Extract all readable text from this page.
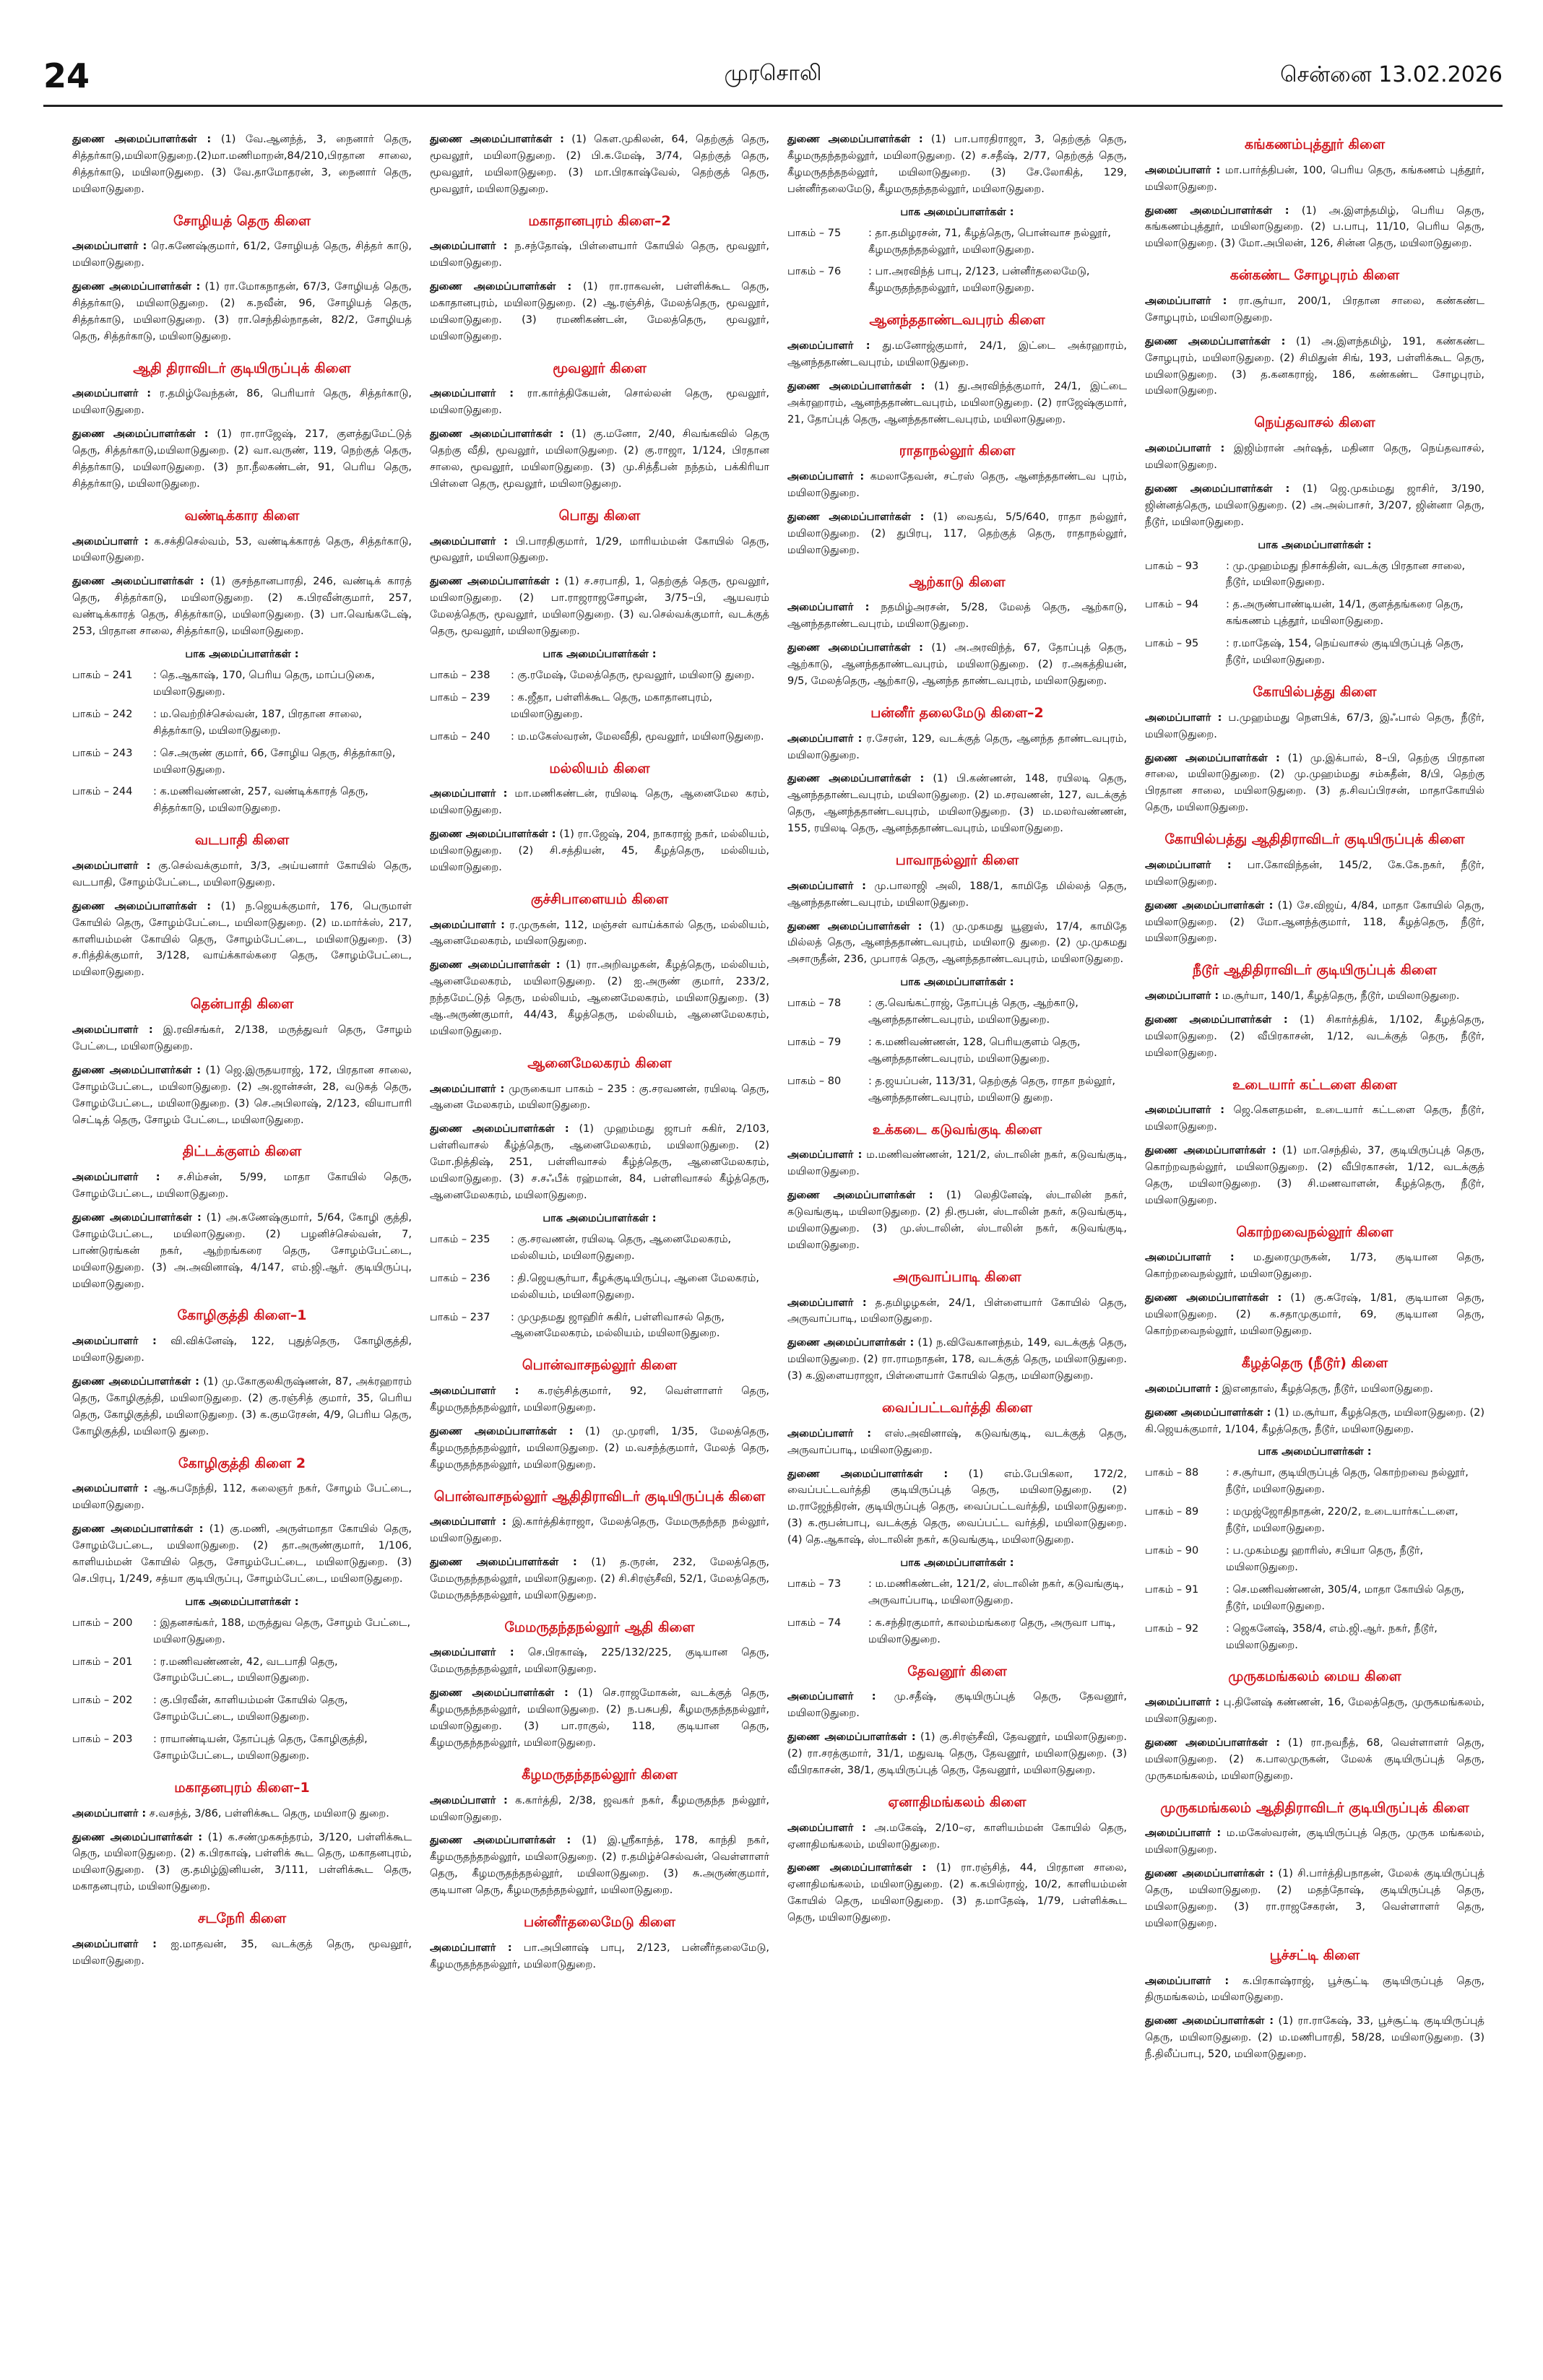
24	முரசொலி	சென்னை 13.02.2026

துணை அமைப்பாளர்கள் : (1) வே.ஆனந்த், 3, நைனார் தெரு, சித்தர்காடு,மயிலாடுதுறை.(2)மா.மணிமாறன்,84/210,பிரதான சாலை, சித்தர்காடு, மயிலாடுதுறை. (3) வே.தாமோதரன், 3, நைனார் தெரு, மயிலாடுதுறை.

சோழியத் தெரு கிளை

அமைப்பாளர் : ரெ.கணேஷ்குமார், 61/2, சோழியத் தெரு, சித்தர் காடு, மயிலாடுதுறை.

துணை அமைப்பாளர்கள் : (1) ரா.மோகநாதன், 67/3, சோழியத் தெரு, சித்தர்காடு, மயிலாடுதுறை. (2) க.நவீன், 96, சோழியத் தெரு, சித்தர்காடு, மயிலாடுதுறை. (3) ரா.செந்தில்நாதன், 82/2, சோழியத் தெரு, சித்தர்காடு, மயிலாடுதுறை.

ஆதி திராவிடர் குடியிருப்புக் கிளை

அமைப்பாளர் : ர.தமிழ்வேந்தன், 86, பெரியார் தெரு, சித்தர்காடு, மயிலாடுதுறை.

துணை அமைப்பாளர்கள் : (1) ரா.ராஜேஷ், 217, குளத்துமேட்டுத் தெரு, சித்தர்காடு,மயிலாடுதுறை. (2) வா.வருண், 119, நெற்குத் தெரு, சித்தர்காடு, மயிலாடுதுறை. (3) நா.நீலகண்டன், 91, பெரிய தெரு, சித்தர்காடு, மயிலாடுதுறை.

வண்டிக்கார கிளை

அமைப்பாளர் : க.சக்திசெல்வம், 53, வண்டிக்காரத் தெரு, சித்தர்காடு, மயிலாடுதுறை.

துணை அமைப்பாளர்கள் : (1) குசந்தானபாரதி, 246, வண்டிக் காரத் தெரு, சித்தர்காடு, மயிலாடுதுறை. (2) க.பிரவீன்குமார், 257, வண்டிக்காரத் தெரு, சித்தர்காடு, மயிலாடுதுறை. (3) பா.வெங்கடேஷ், 253, பிரதான சாலை, சித்தர்காடு, மயிலாடுதுறை.

பாக அமைப்பாளர்கள் :
பாகம் – 241	: தெ.ஆகாஷ், 170, பெரிய தெரு, மாப்படுகை, மயிலாடுதுறை.
பாகம் – 242	: ம.வெற்றிச்செல்வன், 187, பிரதான சாலை, சித்தர்காடு, மயிலாடுதுறை.
பாகம் – 243	: செ.அருண் குமார், 66, சோழிய தெரு, சித்தர்காடு, மயிலாடுதுறை.
பாகம் – 244	: க.மணிவண்ணன், 257, வண்டிக்காரத் தெரு, சித்தர்காடு, மயிலாடுதுறை.
வடபாதி கிளை

அமைப்பாளர் : கு.செல்வக்குமார், 3/3, அய்யனார் கோயில் தெரு, வடபாதி, சோழம்பேட்டை, மயிலாடுதுறை.

துணை அமைப்பாளர்கள் : (1) ந.ஜெயக்குமார், 176, பெருமாள் கோயில் தெரு, சோழம்பேட்டை, மயிலாடுதுறை. (2) ம.மார்க்ஸ், 217, காளியம்மன் கோயில் தெரு, சோழம்பேட்டை, மயிலாடுதுறை. (3) ச.ரித்திக்குமார், 3/128, வாய்க்கால்கரை தெரு, சோழம்பேட்டை, மயிலாடுதுறை.

தென்பாதி கிளை

அமைப்பாளர் : இ.ரவிசங்கர், 2/138, மருத்துவர் தெரு, சோழம் பேட்டை, மயிலாடுதுறை.

துணை அமைப்பாளர்கள் : (1) ஜெ.இருதயராஜ், 172, பிரதான சாலை, சோழம்பேட்டை, மயிலாடுதுறை. (2) அ.ஜான்சன், 28, வடுகத் தெரு, சோழம்பேட்டை, மயிலாடுதுறை. (3) செ.அபிலாஷ், 2/123, வியாபாரி செட்டித் தெரு, சோழம் பேட்டை, மயிலாடுதுறை.

திட்டக்குளம் கிளை

அமைப்பாளர் : ச.சிம்சன், 5/99, மாதா கோயில் தெரு, சோழம்பேட்டை, மயிலாடுதுறை.

துணை அமைப்பாளர்கள் : (1) அ.கணேஷ்குமார், 5/64, கோழி குத்தி, சோழம்பேட்டை, மயிலாடுதுறை. (2) பழனிச்செல்வன், 7, பாண்டுரங்கன் நகர், ஆற்றங்கரை தெரு, சோழம்பேட்டை, மயிலாடுதுறை. (3) அ.அவினாஷ், 4/147, எம்.ஜி.ஆர். குடியிருப்பு, மயிலாடுதுறை.

கோழிகுத்தி கிளை–1

அமைப்பாளர் : வி.விக்னேஷ், 122, புதுத்தெரு, கோழிகுத்தி, மயிலாடுதுறை.

துணை அமைப்பாளர்கள் : (1) மு.கோகுலகிருஷ்ணன், 87, அக்ரஹாரம் தெரு, கோழிகுத்தி, மயிலாடுதுறை. (2) கு.ரஞ்சித் குமார், 35, பெரிய தெரு, கோழிகுத்தி, மயிலாடுதுறை. (3) க.குமரேசன், 4/9, பெரிய தெரு, கோழிகுத்தி, மயிலாடு துறை.

கோழிகுத்தி கிளை 2

அமைப்பாளர் : ஆ.சுபநேந்தி, 112, கலைஞர் நகர், சோழம் பேட்டை, மயிலாடுதுறை.

துணை அமைப்பாளர்கள் : (1) கு.மணி, அருள்மாதா கோயில் தெரு, சோழம்பேட்டை, மயிலாடுதுறை. (2) தா.அருண்குமார், 1/106, காளியம்மன் கோயில் தெரு, சோழம்பேட்டை, மயிலாடுதுறை. (3) செ.பிரபு, 1/249, சத்யா குடியிருப்பு, சோழம்பேட்டை, மயிலாடுதுறை.

பாக அமைப்பாளர்கள் :
பாகம் – 200	: இதனசங்கர், 188, மருத்துவ தெரு, சோழம் பேட்டை, மயிலாடுதுறை.
பாகம் – 201	: ர.மணிவண்ணன், 42, வடபாதி தெரு, சோழம்பேட்டை, மயிலாடுதுறை.
பாகம் – 202	: கு.பிரவீன், காளியம்மன் கோயில் தெரு, சோழம்பேட்டை, மயிலாடுதுறை.
பாகம் – 203	: ராயாண்டியன், தோப்புத் தெரு, கோழிகுத்தி, சோழம்பேட்டை, மயிலாடுதுறை.
மகாதனபுரம் கிளை–1

அமைப்பாளர் : ச.வசந்த், 3/86, பள்ளிக்கூட தெரு, மயிலாடு துறை.

துணை அமைப்பாளர்கள் : (1) க.சண்முகசுந்தரம், 3/120, பள்ளிக்கூட தெரு, மயிலாடுதுறை. (2) க.பிரகாஷ், பள்ளிக் கூட தெரு, மகாதனபுரம், மயிலாடுதுறை. (3) கு.தமிழ்இனியன், 3/111, பள்ளிக்கூட தெரு, மகாதனபுரம், மயிலாடுதுறை.

சடநேரி கிளை

அமைப்பாளர் : ஐ.மாதவன், 35, வடக்குத் தெரு, மூவலூர், மயிலாடுதுறை.

துணை அமைப்பாளர்கள் : (1) கௌ.முகிலன், 64, தெற்குத் தெரு, மூவலூர், மயிலாடுதுறை. (2) பி.க.மேஷ், 3/74, தெற்குத் தெரு, மூவலூர், மயிலாடுதுறை. (3) மா.பிரகாஷ்வேல், தெற்குத் தெரு, மூவலூர், மயிலாடுதுறை.

மகாதானபுரம் கிளை–2

அமைப்பாளர் : ந.சந்தோஷ், பிள்ளையார் கோயில் தெரு, மூவலூர், மயிலாடுதுறை.

துணை அமைப்பாளர்கள் : (1) ரா.ராகவன், பள்ளிக்கூட தெரு, மகாதானபுரம், மயிலாடுதுறை. (2) ஆ.ரஞ்சித், மேலத்தெரு, மூவலூர், மயிலாடுதுறை. (3) ரமணிகண்டன், மேலத்தெரு, மூவலூர், மயிலாடுதுறை.

மூவலூர் கிளை

அமைப்பாளர் : ரா.கார்த்திகேயன், சொல்லன் தெரு, மூவலூர், மயிலாடுதுறை.

துணை அமைப்பாளர்கள் : (1) கு.மனோ, 2/40, சிவங்கவில் தெரு தெற்கு வீதி, மூவலூர், மயிலாடுதுறை. (2) கு.ராஜா, 1/124, பிரதான சாலை, மூவலூர், மயிலாடுதுறை. (3) மு.சித்தீபன் நந்தம், பக்கிரியா பிள்ளை தெரு, மூவலூர், மயிலாடுதுறை.

பொது கிளை

அமைப்பாளர் : பி.பாரதிகுமார், 1/29, மாரியம்மன் கோயில் தெரு, மூவலூர், மயிலாடுதுறை.

துணை அமைப்பாளர்கள் : (1) ச.சரபாதி, 1, தெற்குத் தெரு, மூவலூர், மயிலாடுதுறை. (2) பா.ராஜராஜசோழன், 3/75–பி, ஆயவரம் மேலத்தெரு, மூவலூர், மயிலாடுதுறை. (3) வ.செல்வக்குமார், வடக்குத் தெரு, மூவலூர், மயிலாடுதுறை.

பாக அமைப்பாளர்கள் :
பாகம் – 238	: கு.ரமேஷ், மேலத்தெரு, மூவலூர், மயிலாடு துறை.
பாகம் – 239	: க.ஜீதா, பள்ளிக்கூட தெரு, மகாதானபுரம், மயிலாடுதுறை.
பாகம் – 240	: ம.மகேஸ்வரன், மேலவீதி, மூவலூர், மயிலாடுதுறை.
மல்லியம் கிளை

அமைப்பாளர் : மா.மணிகண்டன், ரயிலடி தெரு, ஆனைமேல கரம், மயிலாடுதுறை.

துணை அமைப்பாளர்கள் : (1) ரா.ஜேஷ், 204, நாகராஜ் நகர், மல்லியம், மயிலாடுதுறை. (2) சி.சத்தியன், 45, கீழத்தெரு, மல்லியம், மயிலாடுதுறை.

குச்சிபாளையம் கிளை

அமைப்பாளர் : ர.முருகன், 112, மஞ்சள் வாய்க்கால் தெரு, மல்லியம், ஆனைமேலகரம், மயிலாடுதுறை.

துணை அமைப்பாளர்கள் : (1) ரா.அறிவழகன், கீழத்தெரு, மல்லியம், ஆனைமேலகரம், மயிலாடுதுறை. (2) ஐ.அருண் குமார், 233/2, நந்தமேட்டுத் தெரு, மல்லியம், ஆனைமேலகரம், மயிலாடுதுறை. (3) ஆ.அருண்குமார், 44/43, கீழத்தெரு, மல்லியம், ஆனைமேலகரம், மயிலாடுதுறை.

ஆனைமேலகரம் கிளை

அமைப்பாளர் : முருகையா பாகம் – 235 : கு.சரவணன், ரயிலடி தெரு, ஆனை மேலகரம், மயிலாடுதுறை.

துணை அமைப்பாளர்கள் : (1) முஹம்மது ஜாபர் சுகிர், 2/103, பள்ளிவாசல் கீழ்த்தெரு, ஆனைமேலகரம், மயிலாடுதுறை. (2) மோ.நித்திஷ், 251, பள்ளிவாசல் கீழ்த்தெரு, ஆனைமேலகரம், மயிலாடுதுறை. (3) ச.சஃபீக் ரஹ்மான், 84, பள்ளிவாசல் கீழ்த்தெரு, ஆனைமேலகரம், மயிலாடுதுறை.

பாக அமைப்பாளர்கள் :
பாகம் – 235	: கு.சரவணன், ரயிலடி தெரு, ஆனைமேலகரம், மல்லியம், மயிலாடுதுறை.
பாகம் – 236	: தி.ஜெயசூர்யா, கீழக்குடியிருப்பு, ஆனை மேலகரம், மல்லியம், மயிலாடுதுறை.
பாகம் – 237	: முமுதமது ஜாஹிர் சுகிர், பள்ளிவாசல் தெரு, ஆனைமேலகரம், மல்லியம், மயிலாடுதுறை.
பொன்வாசநல்லூர் கிளை

அமைப்பாளர் : க.ரஞ்சித்குமார், 92, வெள்ளாளர் தெரு, கீழமருதந்தநல்லூர், மயிலாடுதுறை.

துணை அமைப்பாளர்கள் : (1) மு.முரளி, 1/35, மேலத்தெரு, கீழமருதந்தநல்லூர், மயிலாடுதுறை. (2) ம.வசந்த்குமார், மேலத் தெரு, கீழமருதந்தநல்லூர், மயிலாடுதுறை.

பொன்வாசநல்லூர் ஆதிதிராவிடர் குடியிருப்புக் கிளை

அமைப்பாளர் : இ.கார்த்திக்ராஜா, மேலத்தெரு, மேமருதந்தந நல்லூர், மயிலாடுதுறை.

துணை அமைப்பாளர்கள் : (1) த.ருரன், 232, மேலத்தெரு, மேமருதந்தநல்லூர், மயிலாடுதுறை. (2) சி.சிரஞ்சீவி, 52/1, மேலத்தெரு, மேமருதந்தநல்லூர், மயிலாடுதுறை.

மேமருதந்தநல்லூர் ஆதி கிளை

அமைப்பாளர் : செ.பிரகாஷ், 225/132/225, குடியான தெரு, மேமருதந்தநல்லூர், மயிலாடுதுறை.

துணை அமைப்பாளர்கள் : (1) செ.ராஜமோகன், வடக்குத் தெரு, கீழமருதந்தநல்லூர், மயிலாடுதுறை. (2) ந.பசுபதி, கீழமருதந்தநல்லூர், மயிலாடுதுறை. (3) பா.ராகுல், 118, குடியான தெரு, கீழமருதந்தநல்லூர், மயிலாடுதுறை.

கீழமருதந்தநல்லூர் கிளை

அமைப்பாளர் : க.கார்த்தி, 2/38, ஜவகர் நகர், கீழமருதந்த நல்லூர், மயிலாடுதுறை.

துணை அமைப்பாளர்கள் : (1) இ.ஸ்ரீகாந்த், 178, காந்தி நகர், கீழமருதந்தநல்லூர், மயிலாடுதுறை. (2) ர.தமிழ்ச்செல்வன், வெள்ளாளர் தெரு, கீழமருதந்தநல்லூர், மயிலாடுதுறை. (3) சு.அருண்குமார், குடியான தெரு, கீழமருதந்தநல்லூர், மயிலாடுதுறை.

பன்னீர்தலைமேடு கிளை

அமைப்பாளர் : பா.அபினாஷ் பாபு, 2/123, பன்னீர்தலைமேடு, கீழமருதந்தநல்லூர், மயிலாடுதுறை.

துணை அமைப்பாளர்கள் : (1) பா.பாரதிராஜா, 3, தெற்குத் தெரு, கீழமருதந்தநல்லூர், மயிலாடுதுறை. (2) ச.சதீஷ், 2/77, தெற்குத் தெரு, கீழமருதந்தநல்லூர், மயிலாடுதுறை. (3) சே.லோகித், 129, பன்னீர்தலைமேடு, கீழமருதந்தநல்லூர், மயிலாடுதுறை.

பாக அமைப்பாளர்கள் :
பாகம் – 75	: தா.தமிழரசன், 71, கீழத்தெரு, பொன்வாச நல்லூர், கீழமருதந்தநல்லூர், மயிலாடுதுறை.
பாகம் – 76	: பா.அரவிந்த் பாபு, 2/123, பன்னீர்தலைமேடு, கீழமருதந்தநல்லூர், மயிலாடுதுறை.
ஆனந்ததாண்டவபுரம் கிளை

அமைப்பாளர் : து.மனோஜ்குமார், 24/1, இட்டை அக்ரஹாரம், ஆனந்ததாண்டவபுரம், மயிலாடுதுறை.

துணை அமைப்பாளர்கள் : (1) து.அரவிந்த்குமார், 24/1, இட்டை அக்ரஹாரம், ஆனந்ததாண்டவபுரம், மயிலாடுதுறை. (2) ராஜேஷ்குமார், 21, தோப்புத் தெரு, ஆனந்ததாண்டவபுரம், மயிலாடுதுறை.

ராதாநல்லூர் கிளை

அமைப்பாளர் : கமலாதேவன், சட்ரஸ் தெரு, ஆனந்ததாண்டவ புரம், மயிலாடுதுறை.

துணை அமைப்பாளர்கள் : (1) வைதவ், 5/5/640, ராதா நல்லூர், மயிலாடுதுறை. (2) துபிரபு, 117, தெற்குத் தெரு, ராதாநல்லூர், மயிலாடுதுறை.

ஆற்காடு கிளை

அமைப்பாளர் : நதமிழ்அரசன், 5/28, மேலத் தெரு, ஆற்காடு, ஆனந்ததாண்டவபுரம், மயிலாடுதுறை.

துணை அமைப்பாளர்கள் : (1) அ.அரவிந்த், 67, தோப்புத் தெரு, ஆற்காடு, ஆனந்ததாண்டவபுரம், மயிலாடுதுறை. (2) ர.அகத்தியன், 9/5, மேலத்தெரு, ஆற்காடு, ஆனந்த தாண்டவபுரம், மயிலாடுதுறை.

பன்னீர் தலைமேடு கிளை–2

அமைப்பாளர் : ர.சேரன், 129, வடக்குத் தெரு, ஆனந்த தாண்டவபுரம், மயிலாடுதுறை.

துணை அமைப்பாளர்கள் : (1) பி.கண்ணன், 148, ரயிலடி தெரு, ஆனந்ததாண்டவபுரம், மயிலாடுதுறை. (2) ம.சரவணன், 127, வடக்குத் தெரு, ஆனந்ததாண்டவபுரம், மயிலாடுதுறை. (3) ம.மலர்வண்ணன், 155, ரயிலடி தெரு, ஆனந்ததாண்டவபுரம், மயிலாடுதுறை.

பாவாநல்லூர் கிளை

அமைப்பாளர் : மு.பாலாஜி அலி, 188/1, காமிதே மில்லத் தெரு, ஆனந்ததாண்டவபுரம், மயிலாடுதுறை.

துணை அமைப்பாளர்கள் : (1) மு.முகமது யூனுஸ், 17/4, காமிதே மில்லத் தெரு, ஆனந்ததாண்டவபுரம், மயிலாடு துறை. (2) மு.முகமது அசாருதீன், 236, முபாரக் தெரு, ஆனந்ததாண்டவபுரம், மயிலாடுதுறை.

பாக அமைப்பாளர்கள் :
பாகம் – 78	: கு.வெங்கட்ராஜ், தோப்புத் தெரு, ஆற்காடு, ஆனந்ததாண்டவபுரம், மயிலாடுதுறை.
பாகம் – 79	: க.மணிவண்ணன், 128, பெரியகுளம் தெரு, ஆனந்ததாண்டவபுரம், மயிலாடுதுறை.
பாகம் – 80	: த.ஜயப்பன், 113/31, தெற்குத் தெரு, ராதா நல்லூர், ஆனந்ததாண்டவபுரம், மயிலாடு துறை.
உக்கடை கடுவங்குடி கிளை

அமைப்பாளர் : ம.மணிவண்ணன், 121/2, ஸ்டாலின் நகர், கடுவங்குடி, மயிலாடுதுறை.

துணை அமைப்பாளர்கள் : (1) லெதினேஷ், ஸ்டாலின் நகர், கடுவங்குடி, மயிலாடுதுறை. (2) தி.ரூபன், ஸ்டாலின் நகர், கடுவங்குடி, மயிலாடுதுறை. (3) மு.ஸ்டாலின், ஸ்டாலின் நகர், கடுவங்குடி, மயிலாடுதுறை.

அருவாப்பாடி கிளை

அமைப்பாளர் : த.தமிழழகன், 24/1, பிள்ளையார் கோயில் தெரு, அருவாப்பாடி, மயிலாடுதுறை.

துணை அமைப்பாளர்கள் : (1) ந.விவேகானந்தம், 149, வடக்குத் தெரு, மயிலாடுதுறை. (2) ரா.ராமநாதன், 178, வடக்குத் தெரு, மயிலாடுதுறை. (3) க.இளையராஜா, பிள்ளையார் கோயில் தெரு, மயிலாடுதுறை.

வைப்பட்டவர்த்தி கிளை

அமைப்பாளர் : எஸ்.அவினாஷ், கடுவங்குடி, வடக்குத் தெரு, அருவாப்பாடி, மயிலாடுதுறை.

துணை அமைப்பாளர்கள் : (1) எம்.பேபிகலா, 172/2, வைப்பட்டவர்த்தி குடியிருப்புத் தெரு, மயிலாடுதுறை. (2) ம.ராஜேந்திரன், குடியிருப்புத் தெரு, வைப்பட்டவர்த்தி, மயிலாடுதுறை. (3) க.ரூபன்பாபு, வடக்குத் தெரு, வைப்பட்ட வர்த்தி, மயிலாடுதுறை. (4) தெ.ஆகாஷ், ஸ்டாலின் நகர், கடுவங்குடி, மயிலாடுதுறை.

பாக அமைப்பாளர்கள் :
பாகம் – 73	: ம.மணிகண்டன், 121/2, ஸ்டாலின் நகர், கடுவங்குடி, அருவாப்பாடி, மயிலாடுதுறை.
பாகம் – 74	: க.சந்திரகுமார், காலம்மங்கரை தெரு, அருவா பாடி, மயிலாடுதுறை.
தேவனூர் கிளை

அமைப்பாளர் : மு.சதீஷ், குடியிருப்புத் தெரு, தேவனூர், மயிலாடுதுறை.

துணை அமைப்பாளர்கள் : (1) கு.சிரஞ்சீவி, தேவனூர், மயிலாடுதுறை. (2) ரா.சரத்குமார், 31/1, மதுவடி தெரு, தேவனூர், மயிலாடுதுறை. (3) வீபிரகாசன், 38/1, குடியிருப்புத் தெரு, தேவனூர், மயிலாடுதுறை.

ஏனாதிமங்கலம் கிளை

அமைப்பாளர் : அ.மகேஷ், 2/10–ஏ, காளியம்மன் கோயில் தெரு, ஏனாதிமங்கலம், மயிலாடுதுறை.

துணை அமைப்பாளர்கள் : (1) ரா.ரஞ்சித், 44, பிரதான சாலை, ஏனாதிமங்கலம், மயிலாடுதுறை. (2) க.கபில்ராஜ், 10/2, காளியம்மன் கோயில் தெரு, மயிலாடுதுறை. (3) த.மாதேஷ், 1/79, பள்ளிக்கூட தெரு, மயிலாடுதுறை.

கங்கணம்புத்தூர் கிளை

அமைப்பாளர் : மா.பார்த்திபன், 100, பெரிய தெரு, கங்கணம் புத்தூர், மயிலாடுதுறை.

துணை அமைப்பாளர்கள் : (1) அ.இளந்தமிழ், பெரிய தெரு, கங்கணம்புத்தூர், மயிலாடுதுறை. (2) ப.பாபு, 11/10, பெரிய தெரு, மயிலாடுதுறை. (3) மோ.அபிலன், 126, சின்ன தெரு, மயிலாடுதுறை.

கன்கண்ட சோழபுரம் கிளை

அமைப்பாளர் : ரா.சூர்யா, 200/1, பிரதான சாலை, கண்கண்ட சோழபுரம், மயிலாடுதுறை.

துணை அமைப்பாளர்கள் : (1) அ.இளந்தமிழ், 191, கண்கண்ட சோழபுரம், மயிலாடுதுறை. (2) சிமிதுன் சிங், 193, பள்ளிக்கூட தெரு, மயிலாடுதுறை. (3) த.கனகராஜ், 186, கண்கண்ட சோழபுரம், மயிலாடுதுறை.

நெய்தவாசல் கிளை

அமைப்பாளர் : இஜிம்ரான் அர்ஷத், மதினா தெரு, நெய்தவாசல், மயிலாடுதுறை.

துணை அமைப்பாளர்கள் : (1) ஜெ.முகம்மது ஜாசிர், 3/190, ஜின்னத்தெரு, மயிலாடுதுறை. (2) அ.அல்பாசர், 3/207, ஜின்னா தெரு, நீடூர், மயிலாடுதுறை.

பாக அமைப்பாளர்கள் :
பாகம் – 93	: மு.முஹம்மது நிசாக்தின், வடக்கு பிரதான சாலை, நீடூர், மயிலாடுதுறை.
பாகம் – 94	: த.அருண்பாண்டியன், 14/1, குளத்தங்கரை தெரு, கங்கணம் புத்தூர், மயிலாடுதுறை.
பாகம் – 95	: ர.மாதேஷ், 154, நெய்வாசல் குடியிருப்புத் தெரு, நீடூர், மயிலாடுதுறை.
கோயில்பத்து கிளை

அமைப்பாளர் : ப.முஹம்மது நௌபிக், 67/3, இஃபால் தெரு, நீடூர், மயிலாடுதுறை.

துணை அமைப்பாளர்கள் : (1) மு.இக்பால், 8–பி, தெற்கு பிரதான சாலை, மயிலாடுதுறை. (2) மு.முஹம்மது சம்சுதீன், 8/பி, தெற்கு பிரதான சாலை, மயிலாடுதுறை. (3) த.சிவப்பிரசன், மாதாகோயில் தெரு, மயிலாடுதுறை.

கோயில்பத்து ஆதிதிராவிடர் குடியிருப்புக் கிளை

அமைப்பாளர் : பா.கோவிந்தன், 145/2, கே.கே.நகர், நீடூர், மயிலாடுதுறை.

துணை அமைப்பாளர்கள் : (1) சே.விஜய், 4/84, மாதா கோயில் தெரு, மயிலாடுதுறை. (2) மோ.ஆனந்த்குமார், 118, கீழத்தெரு, நீடூர், மயிலாடுதுறை.

நீடூர் ஆதிதிராவிடர் குடியிருப்புக் கிளை

அமைப்பாளர் : ம.சூர்யா, 140/1, கீழத்தெரு, நீடூர், மயிலாடுதுறை.

துணை அமைப்பாளர்கள் : (1) சிகார்த்திக், 1/102, கீழத்தெரு, மயிலாடுதுறை. (2) வீபிரகாசன், 1/12, வடக்குத் தெரு, நீடூர், மயிலாடுதுறை.

உடையார் கட்டளை கிளை

அமைப்பாளர் : ஜெ.கௌதமன், உடையார் கட்டளை தெரு, நீடூர், மயிலாடுதுறை.

துணை அமைப்பாளர்கள் : (1) மா.செந்தில், 37, குடியிருப்புத் தெரு, கொற்றவநல்லூர், மயிலாடுதுறை. (2) வீபிரகாசன், 1/12, வடக்குத் தெரு, மயிலாடுதுறை. (3) சி.மணவாளன், கீழத்தெரு, நீடூர், மயிலாடுதுறை.

கொற்றவைநல்லூர் கிளை

அமைப்பாளர் : ம.துரைமுருகன், 1/73, குடியான தெரு, கொற்றவைநல்லூர், மயிலாடுதுறை.

துணை அமைப்பாளர்கள் : (1) கு.சுரேஷ், 1/81, குடியான தெரு, மயிலாடுதுறை. (2) க.சதாமுகுமார், 69, குடியான தெரு, கொற்றவைநல்லூர், மயிலாடுதுறை.

கீழத்தெரு (நீடூர்) கிளை

அமைப்பாளர் : இஎனதாஸ், கீழத்தெரு, நீடூர், மயிலாடுதுறை.

துணை அமைப்பாளர்கள் : (1) ம.சூர்யா, கீழத்தெரு, மயிலாடுதுறை. (2) கி.ஜெயக்குமார், 1/104, கீழத்தெரு, நீடூர், மயிலாடுதுறை.

பாக அமைப்பாளர்கள் :
பாகம் – 88	: ச.சூர்யா, குடியிருப்புத் தெரு, கொற்றவை நல்லூர், நீடூர், மயிலாடுதுறை.
பாகம் – 89	: மமுஜ்ஜோதிநாதன், 220/2, உடையார்கட்டளை, நீடூர், மயிலாடுதுறை.
பாகம் – 90	: ப.முகம்மது ஹாரிஸ், சபியா தெரு, நீடூர், மயிலாடுதுறை.
பாகம் – 91	: செ.மணிவண்ணன், 305/4, மாதா கோயில் தெரு, நீடூர், மயிலாடுதுறை.
பாகம் – 92	: ஜெகனேஷ், 358/4, எம்.ஜி.ஆர். நகர், நீடூர், மயிலாடுதுறை.
முருகமங்கலம் மைய கிளை

அமைப்பாளர் : பு.தினேஷ் கண்ணன், 16, மேலத்தெரு, முருகமங்கலம், மயிலாடுதுறை.

துணை அமைப்பாளர்கள் : (1) ரா.நவநீத், 68, வெள்ளாளர் தெரு, மயிலாடுதுறை. (2) க.பாலமுருகன், மேலக் குடியிருப்புத் தெரு, முருகமங்கலம், மயிலாடுதுறை.

முருகமங்கலம் ஆதிதிராவிடர் குடியிருப்புக் கிளை

அமைப்பாளர் : ம.மகேஸ்வரன், குடியிருப்புத் தெரு, முருக மங்கலம், மயிலாடுதுறை.

துணை அமைப்பாளர்கள் : (1) சி.பார்த்திபநாதன், மேலக் குடியிருப்புத் தெரு, மயிலாடுதுறை. (2) மதந்தோஷ், குடியிருப்புத் தெரு, மயிலாடுதுறை. (3) ரா.ராஜசேகரன், 3, வெள்ளாளர் தெரு, மயிலாடுதுறை.

பூச்சட்டி கிளை

அமைப்பாளர் : க.பிரகாஷ்ராஜ், பூச்சூட்டி குடியிருப்புத் தெரு, திருமங்கலம், மயிலாடுதுறை.

துணை அமைப்பாளர்கள் : (1) ரா.ராகேஷ், 33, பூச்சூட்டி குடியிருப்புத் தெரு, மயிலாடுதுறை. (2) ம.மணிபாரதி, 58/28, மயிலாடுதுறை. (3) நீ.திலீப்பாபு, 520, மயிலாடுதுறை.
